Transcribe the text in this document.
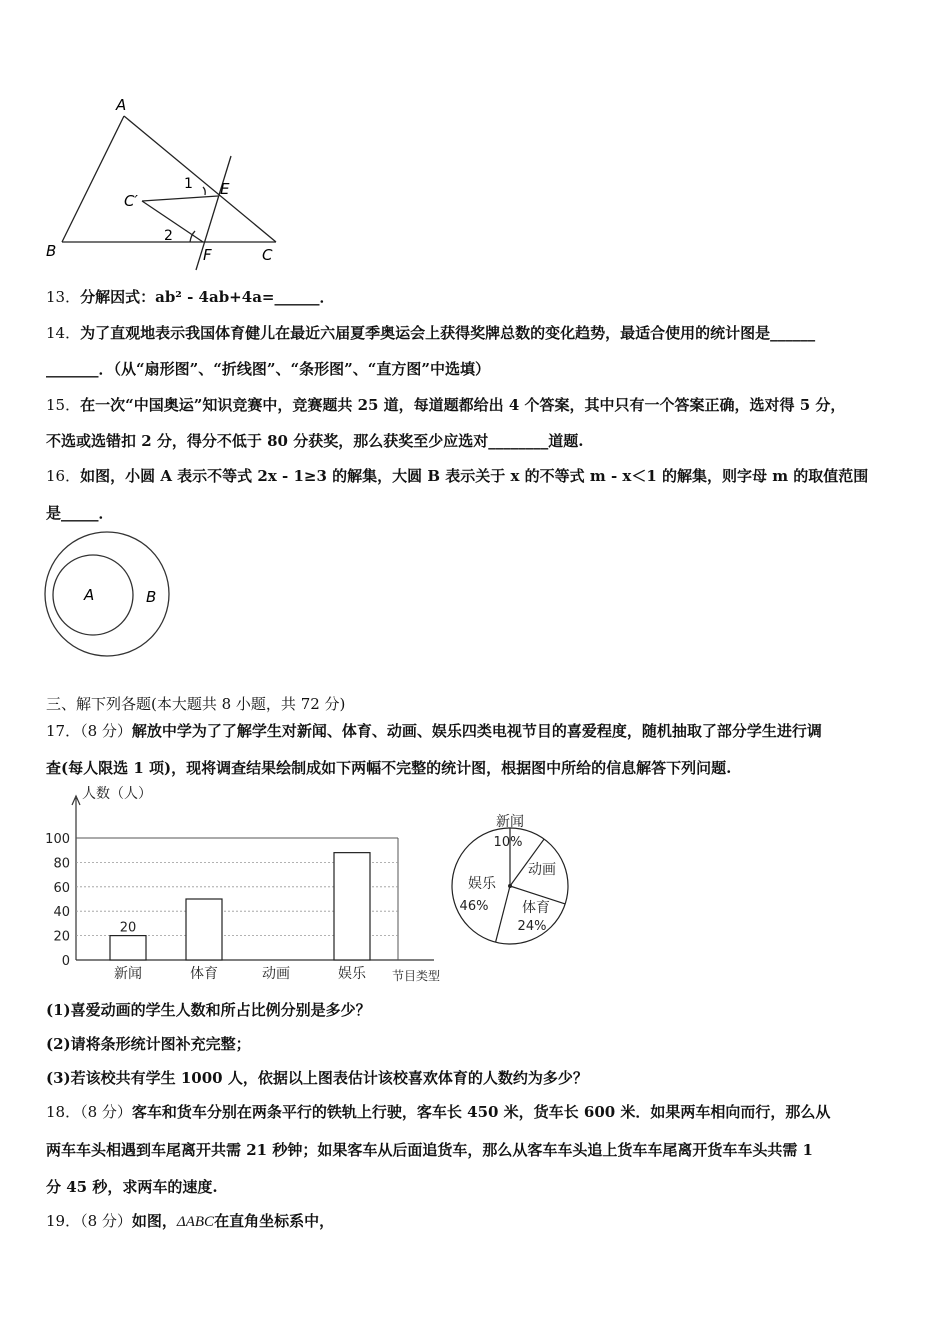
A
B	C
C′
E
F
1
2
13．分解因式：ab² - 4ab+4a=______．
14．为了直观地表示我国体育健儿在最近六届夏季奥运会上获得奖牌总数的变化趋势，最适合使用的统计图是______
_______．（从“扇形图”、“折线图”、“条形图”、“直方图”中选填）
15．在一次“中国奥运”知识竞赛中，竞赛题共 25 道，每道题都给出 4 个答案，其中只有一个答案正确，选对得 5 分，
不选或选错扣 2 分，得分不低于 80 分获奖，那么获奖至少应选对________道题.
16．如图，小圆 A 表示不等式 2x - 1≥3 的解集，大圆 B 表示关于 x 的不等式 m - x＜1 的解集，则字母 m 的取值范围
是_____．
A	B
三、解下列各题(本大题共 8 小题，共 72 分)
17．（8 分）解放中学为了了解学生对新闻、体育、动画、娱乐四类电视节目的喜爱程度，随机抽取了部分学生进行调
查(每人限选 1 项)，现将调查结果绘制成如下两幅不完整的统计图，根据图中所给的信息解答下列问题.
0
20
40
60
80
100
人数（人）
节目类型
新闻
20
体育	动画	娱乐
新闻
10%
动画
体育
24%
娱乐
46%
(1)喜爱动画的学生人数和所占比例分别是多少？
(2)请将条形统计图补充完整；
(3)若该校共有学生 1000 人，依据以上图表估计该校喜欢体育的人数约为多少？
18．（8 分）客车和货车分别在两条平行的铁轨上行驶，客车长 450 米，货车长 600 米．如果两车相向而行，那么从
两车车头相遇到车尾离开共需 21 秒钟；如果客车从后面追货车，那么从客车车头追上货车车尾离开货车车头共需 1
分 45 秒，求两车的速度.
19．（8 分）如图，ΔABC在直角坐标系中，
